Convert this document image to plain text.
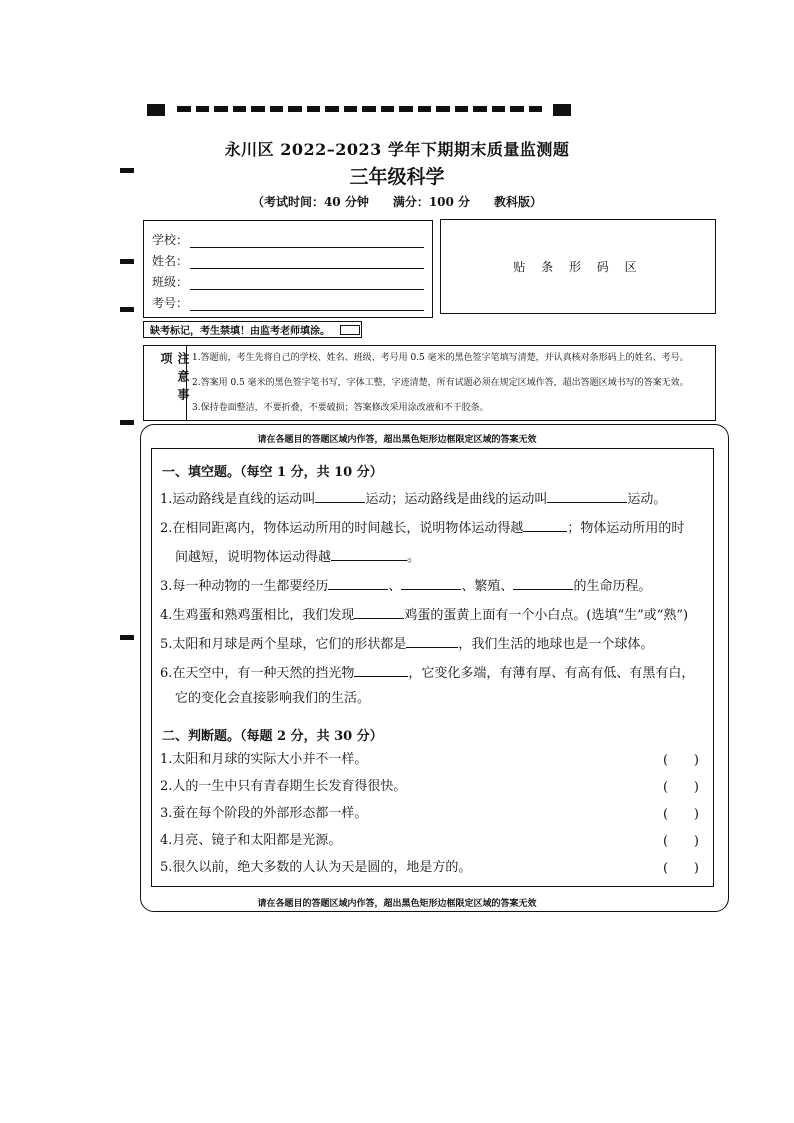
永川区 2022–2023 学年下期期末质量监测题
三年级科学
（考试时间：40 分钟　　满分：100 分　　教科版）
学校：
姓名：
班级：
考号：
贴 条 形 码 区
缺考标记，考生禁填！由监考老师填涂。
注意事项	1.答题前，考生先将自己的学校、姓名、班级、考号用 0.5 毫米的黑色签字笔填写清楚，并认真核对条形码上的姓名、考号。
2.答案用 0.5 毫米的黑色签字笔书写，字体工整，字迹清楚，所有试题必须在规定区域作答，超出答题区域书写的答案无效。
3.保持卷面整洁，不要折叠，不要破损；答案修改采用涂改液和不干胶条。
请在各题目的答题区域内作答，超出黑色矩形边框限定区域的答案无效
请在各题目的答题区域内作答，超出黑色矩形边框限定区域的答案无效
一、填空题。（每空 1 分，共 10 分）
1.运动路线是直线的运动叫	运动；运动路线是曲线的运动叫	运动。
2.在相同距离内，物体运动所用的时间越长，说明物体运动得越	；物体运动所用的时
间越短，说明物体运动得越	。
3.每一种动物的一生都要经历	、	、繁殖、	的生命历程。
4.生鸡蛋和熟鸡蛋相比，我们发现	鸡蛋的蛋黄上面有一个小白点。(选填“生”或“熟”)
5.太阳和月球是两个星球，它们的形状都是	，我们生活的地球也是一个球体。
6.在天空中，有一种天然的挡光物	，它变化多端，有薄有厚、有高有低、有黑有白，
它的变化会直接影响我们的生活。
二、判断题。（每题 2 分，共 30 分）
1.太阳和月球的实际大小并不一样。	( )
2.人的一生中只有青春期生长发育得很快。	( )
3.蚕在每个阶段的外部形态都一样。	( )
4.月亮、镜子和太阳都是光源。	( )
5.很久以前，绝大多数的人认为天是圆的，地是方的。	( )
